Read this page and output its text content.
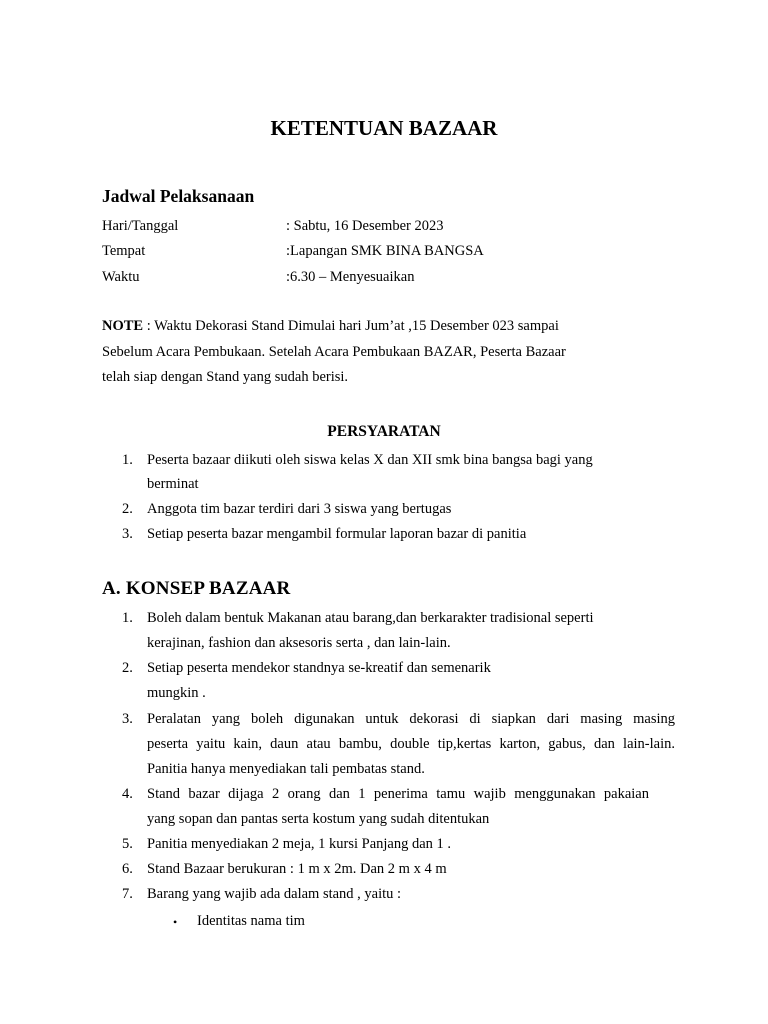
KETENTUAN BAZAAR
Jadwal Pelaksanaan
Hari/Tanggal	: Sabtu, 16 Desember 2023
Tempat	:Lapangan SMK BINA BANGSA
Waktu	:6.30 – Menyesuaikan
NOTE : Waktu Dekorasi Stand Dimulai hari Jum’at ,15 Desember 023 sampai
Sebelum Acara Pembukaan. Setelah Acara Pembukaan BAZAR, Peserta Bazaar
telah siap dengan Stand yang sudah berisi.
PERSYARATAN
1. Peserta bazaar diikuti oleh siswa kelas X dan XII smk bina bangsa bagi yang
berminat
2. Anggota tim bazar terdiri dari 3 siswa yang bertugas
3. Setiap peserta bazar mengambil formular laporan bazar di panitia
A. KONSEP BAZAAR
1. Boleh dalam bentuk Makanan atau barang,dan berkarakter tradisional seperti
kerajinan, fashion dan aksesoris serta , dan lain-lain.
2. Setiap peserta mendekor standnya se-kreatif dan semenarik
mungkin .
3. Peralatan yang boleh digunakan untuk dekorasi di siapkan dari masing masing
peserta yaitu kain, daun atau bambu, double tip,kertas karton, gabus, dan lain-lain.
Panitia hanya menyediakan tali pembatas stand.
4. Stand bazar dijaga 2 orang dan 1 penerima tamu wajib menggunakan pakaian
yang sopan dan pantas serta kostum yang sudah ditentukan
5. Panitia menyediakan 2 meja, 1 kursi Panjang dan 1 .
6. Stand Bazaar berukuran : 1 m x 2m. Dan 2 m x 4 m
7. Barang yang wajib ada dalam stand , yaitu :
• Identitas nama tim
